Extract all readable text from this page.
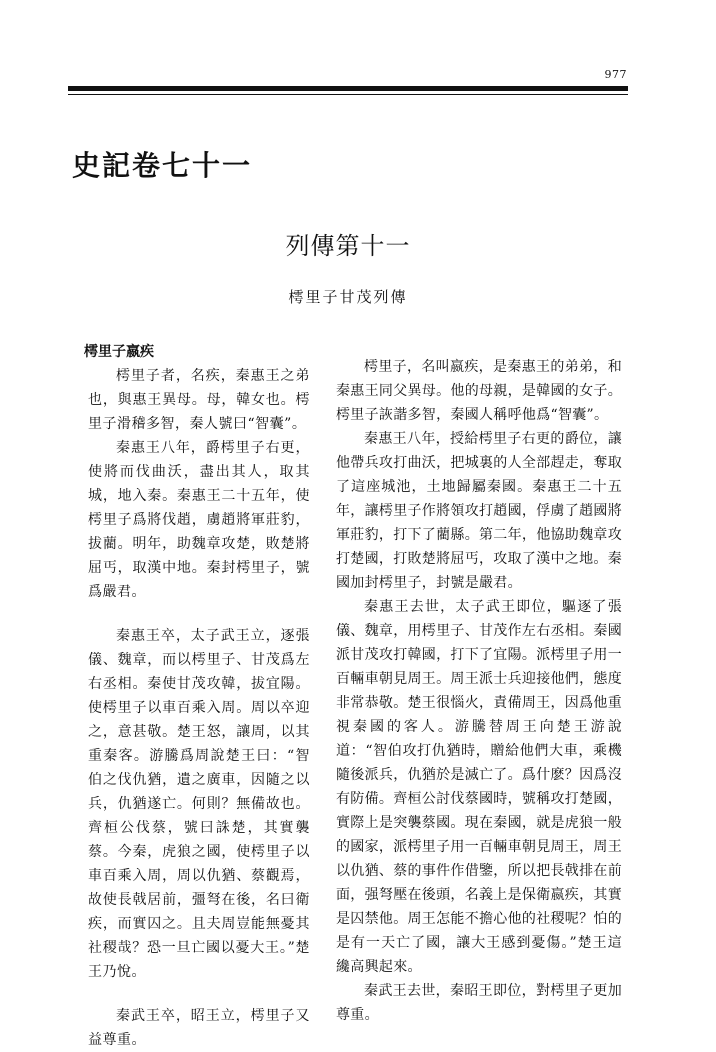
977
史記卷七十一
列傳第十一
樗里子甘茂列傳
樗里子嬴疾
樗里子者，名疾，秦惠王之弟也，與惠王異母。母，韓女也。樗里子滑稽多智，秦人號曰“智囊”。
秦惠王八年，爵樗里子右更，使將而伐曲沃，盡出其人，取其城，地入秦。秦惠王二十五年，使樗里子爲將伐趙，虜趙將軍莊豹，拔藺。明年，助魏章攻楚，敗楚將屈丐，取漢中地。秦封樗里子，號爲嚴君。
秦惠王卒，太子武王立，逐張儀、魏章，而以樗里子、甘茂爲左右丞相。秦使甘茂攻韓，拔宜陽。使樗里子以車百乘入周。周以卒迎之，意甚敬。楚王怒，讓周，以其重秦客。游騰爲周說楚王曰：“智伯之伐仇猶，遺之廣車，因隨之以兵，仇猶遂亡。何則？無備故也。齊桓公伐蔡，號曰誅楚，其實襲蔡。今秦，虎狼之國，使樗里子以車百乘入周，周以仇猶、蔡觀焉，故使長戟居前，彊弩在後，名曰衛疾，而實囚之。且夫周豈能無憂其社稷哉？恐一旦亡國以憂大王。”楚王乃悅。
秦武王卒，昭王立，樗里子又益尊重。
樗里子，名叫嬴疾，是秦惠王的弟弟，和秦惠王同父異母。他的母親，是韓國的女子。樗里子詼諧多智，秦國人稱呼他爲“智囊”。
秦惠王八年，授給樗里子右更的爵位，讓他帶兵攻打曲沃，把城裏的人全部趕走，奪取了這座城池，土地歸屬秦國。秦惠王二十五年，讓樗里子作將領攻打趙國，俘虜了趙國將軍莊豹，打下了藺縣。第二年，他協助魏章攻打楚國，打敗楚將屈丐，攻取了漢中之地。秦國加封樗里子，封號是嚴君。
秦惠王去世，太子武王即位，驅逐了張儀、魏章，用樗里子、甘茂作左右丞相。秦國派甘茂攻打韓國，打下了宜陽。派樗里子用一百輛車朝見周王。周王派士兵迎接他們，態度非常恭敬。楚王很惱火，責備周王，因爲他重視秦國的客人。游騰替周王向楚王游說道：“智伯攻打仇猶時，贈給他們大車，乘機隨後派兵，仇猶於是滅亡了。爲什麽？因爲沒有防備。齊桓公討伐蔡國時，號稱攻打楚國，實際上是突襲蔡國。現在秦國，就是虎狼一般的國家，派樗里子用一百輛車朝見周王，周王以仇猶、蔡的事件作借鑒，所以把長戟排在前面，强弩壓在後頭，名義上是保衛嬴疾，其實是囚禁他。周王怎能不擔心他的社稷呢？怕的是有一天亡了國，讓大王感到憂傷。”楚王這纔高興起來。
秦武王去世，秦昭王即位，對樗里子更加尊重。
